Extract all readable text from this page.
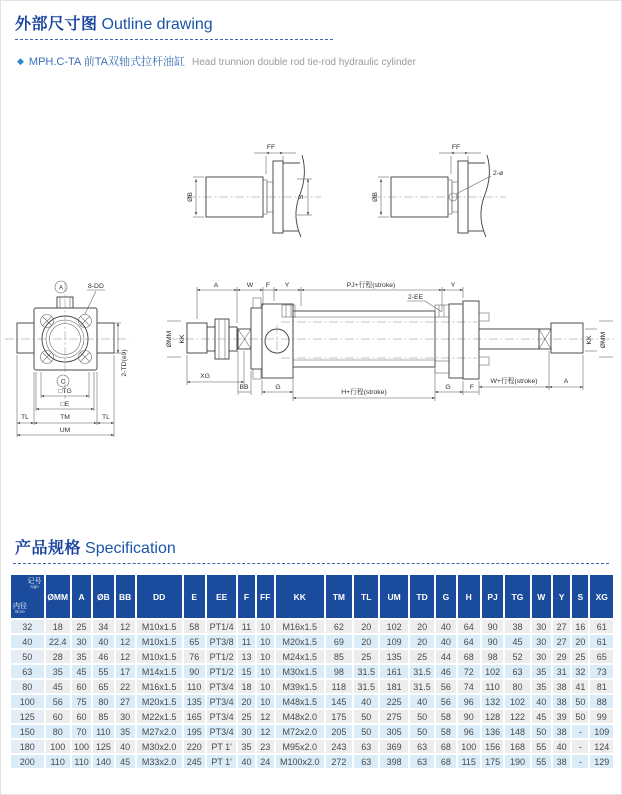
外部尺寸图 Outline drawing
◆ MPH.C-TA 前TA双轴式拉杆油缸 Head trunnion double rod tie-rod hydraulic cylinder
S
FF
ØB
2-ø
FF
ØB
A	8-DD
C
□TG
□E
TL	TM	TL
UM
2-TD(e9)
ØMM KK	KK ØMM
A	W F Y	PJ+行程(stroke)	Y
2-EE
XG
BB	G
H+行程(stroke)
G	F
W+行程(stroke)	A
产品规格 Specification
记号
sign
内径
Bore	ØMM	A	ØB	BB	DD	E	EE	F	FF	KK	TM	TL	UM	TD	G	H	PJ	TG	W	Y	S	XG
32	18	25	34	12	M10x1.5	58	PT1/4	11	10	M16x1.5	62	20	102	20	40	64	90	38	30	27	16	61
40	22.4	30	40	12	M10x1.5	65	PT3/8	11	10	M20x1.5	69	20	109	20	40	64	90	45	30	27	20	61
50	28	35	46	12	M10x1.5	76	PT1/2	13	10	M24x1.5	85	25	135	25	44	68	98	52	30	29	25	65
63	35	45	55	17	M14x1.5	90	PT1/2	15	10	M30x1.5	98	31.5	161	31.5	46	72	102	63	35	31	32	73
80	45	60	65	22	M16x1.5	110	PT3/4	18	10	M39x1.5	118	31.5	181	31.5	56	74	110	80	35	38	41	81
100	56	75	80	27	M20x1.5	135	PT3/4	20	10	M48x1.5	145	40	225	40	56	96	132	102	40	38	50	88
125	60	60	85	30	M22x1.5	165	PT3/4	25	12	M48x2.0	175	50	275	50	58	90	128	122	45	39	50	99
150	80	70	110	35	M27x2.0	195	PT3/4	30	12	M72x2.0	205	50	305	50	58	96	136	148	50	38	-	109
180	100	100	125	40	M30x2.0	220	PT 1'	35	23	M95x2.0	243	63	369	63	68	100	156	168	55	40	-	124
200	110	110	140	45	M33x2.0	245	PT 1'	40	24	M100x2.0	272	63	398	63	68	115	175	190	55	38	-	129
